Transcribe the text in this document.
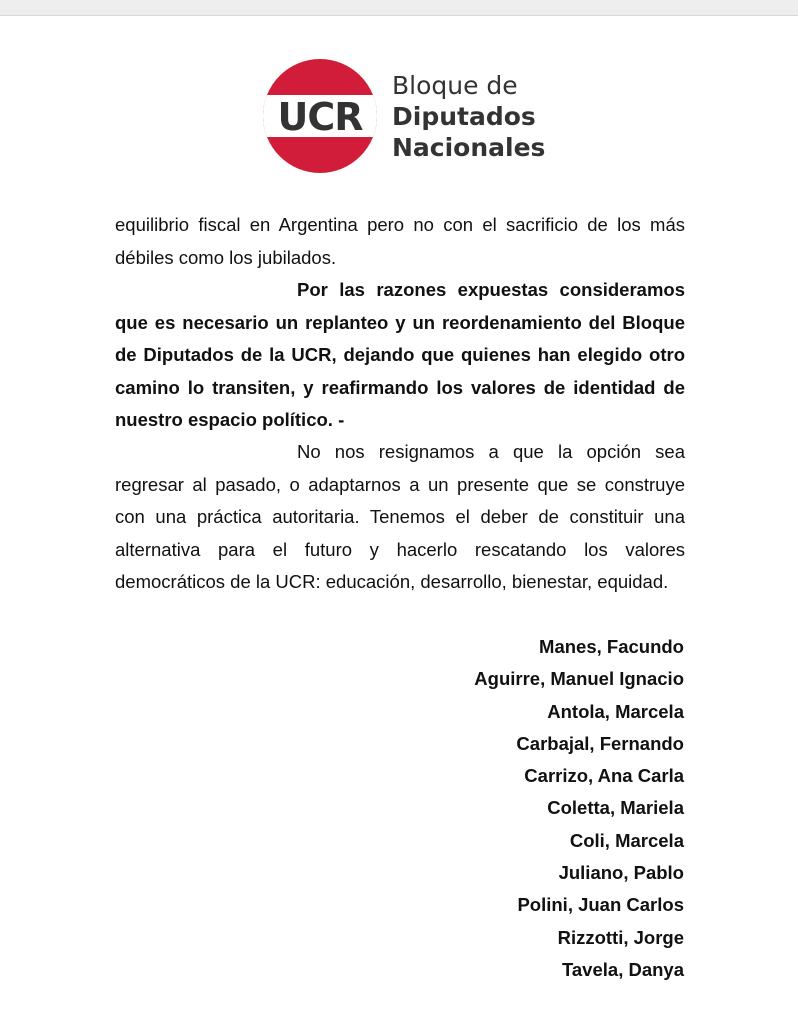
UCR
Bloque de
Diputados
Nacionales

equilibrio fiscal en Argentina pero no con el sacrificio de los más débiles como los jubilados.

Por las razones expuestas consideramos que es necesario un replanteo y un reordenamiento del Bloque de Diputados de la UCR, dejando que quienes han elegido otro camino lo transiten, y reafirmando los valores de identidad de nuestro espacio político. -

No nos resignamos a que la opción sea regresar al pasado, o adaptarnos a un presente que se construye con una práctica autoritaria. Tenemos el deber de constituir una alternativa para el futuro y hacerlo rescatando los valores democráticos de la UCR: educación, desarrollo, bienestar, equidad.

Manes, Facundo
Aguirre, Manuel Ignacio
Antola, Marcela
Carbajal, Fernando
Carrizo, Ana Carla
Coletta, Mariela
Coli, Marcela
Juliano, Pablo
Polini, Juan Carlos
Rizzotti, Jorge
Tavela, Danya
